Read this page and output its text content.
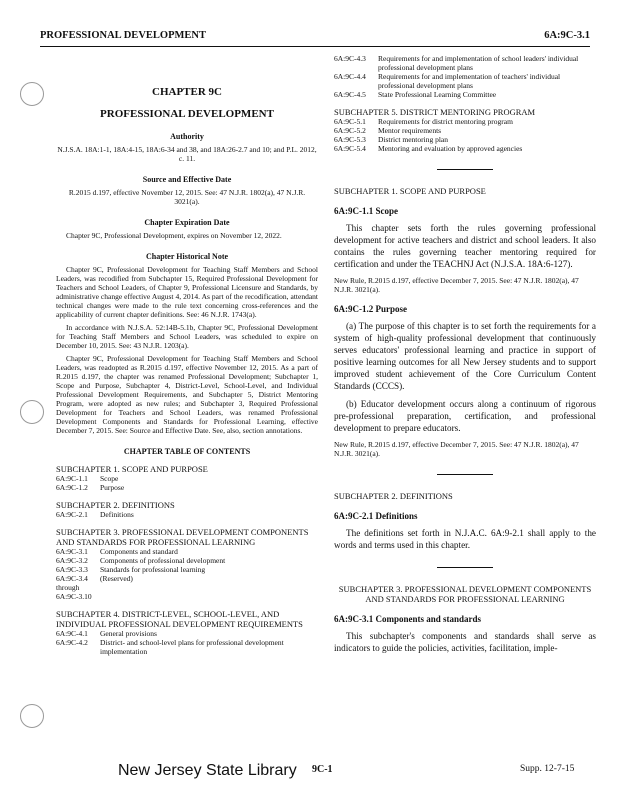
PROFESSIONAL DEVELOPMENT	6A:9C-3.1
CHAPTER 9C
PROFESSIONAL DEVELOPMENT
Authority
N.J.S.A. 18A:1-1, 18A:4-15, 18A:6-34 and 38, and 18A:26-2.7 and 10; and P.L. 2012, c. 11.
Source and Effective Date
R.2015 d.197, effective November 12, 2015. See: 47 N.J.R. 1802(a), 47 N.J.R. 3021(a).
Chapter Expiration Date
Chapter 9C, Professional Development, expires on November 12, 2022.
Chapter Historical Note
Chapter 9C, Professional Development for Teaching Staff Members and School Leaders, was recodified from Subchapter 15, Required Professional Development for Teachers and School Leaders, of Chapter 9, Professional Licensure and Standards, by administrative change effective August 4, 2014. As part of the recodification, attendant technical changes were made to the rule text concerning cross-references and the applicability of current chapter definitions. See: 46 N.J.R. 1743(a).
In accordance with N.J.S.A. 52:14B-5.1b, Chapter 9C, Professional Development for Teaching Staff Members and School Leaders, was scheduled to expire on December 10, 2015. See: 43 N.J.R. 1203(a).
Chapter 9C, Professional Development for Teaching Staff Members and School Leaders, was readopted as R.2015 d.197, effective November 12, 2015. As a part of R.2015 d.197, the chapter was renamed Professional Development; Subchapter 1, Scope and Purpose, Subchapter 4, District-Level, School-Level, and Individual Professional Development Requirements, and Subchapter 5, District Mentoring Program, were adopted as new rules; and Subchapter 3, Required Professional Development for Teachers and School Leaders, was renamed Professional Development Components and Standards for Professional Learning, effective December 7, 2015. See: Source and Effective Date. See, also, section annotations.
CHAPTER TABLE OF CONTENTS
SUBCHAPTER 1. SCOPE AND PURPOSE
6A:9C-1.1	Scope
6A:9C-1.2	Purpose
SUBCHAPTER 2. DEFINITIONS
6A:9C-2.1	Definitions
SUBCHAPTER 3. PROFESSIONAL DEVELOPMENT COMPONENTS AND STANDARDS FOR PROFESSIONAL LEARNING
6A:9C-3.1	Components and standard
6A:9C-3.2	Components of professional development
6A:9C-3.3	Standards for professional learning
6A:9C-3.4 through 6A:9C-3.10
(Reserved)
SUBCHAPTER 4. DISTRICT-LEVEL, SCHOOL-LEVEL, AND INDIVIDUAL PROFESSIONAL DEVELOPMENT REQUIREMENTS
6A:9C-4.1	General provisions
6A:9C-4.2	District- and school-level plans for professional development implementation
6A:9C-4.3	Requirements for and implementation of school leaders' individual professional development plans
6A:9C-4.4	Requirements for and implementation of teachers' individual professional development plans
6A:9C-4.5	State Professional Learning Committee
SUBCHAPTER 5. DISTRICT MENTORING PROGRAM
6A:9C-5.1	Requirements for district mentoring program
6A:9C-5.2	Mentor requirements
6A:9C-5.3	District mentoring plan
6A:9C-5.4	Mentoring and evaluation by approved agencies
SUBCHAPTER 1. SCOPE AND PURPOSE
6A:9C-1.1 Scope
This chapter sets forth the rules governing professional development for active teachers and district and school leaders. It also contains the rules governing teacher mentoring required for certification and under the TEACHNJ Act (N.J.S.A. 18A:6-127).
New Rule, R.2015 d.197, effective December 7, 2015. See: 47 N.J.R. 1802(a), 47 N.J.R. 3021(a).
6A:9C-1.2 Purpose
(a) The purpose of this chapter is to set forth the requirements for a system of high-quality professional development that continuously serves educators' professional learning and practice in support of positive learning outcomes for all New Jersey students and to support improved student achievement of the Core Curriculum Content Standards (CCCS).
(b) Educator development occurs along a continuum of rigorous pre-professional preparation, certification, and professional development to prepare educators.
New Rule, R.2015 d.197, effective December 7, 2015. See: 47 N.J.R. 1802(a), 47 N.J.R. 3021(a).
SUBCHAPTER 2. DEFINITIONS
6A:9C-2.1 Definitions
The definitions set forth in N.J.A.C. 6A:9-2.1 shall apply to the words and terms used in this chapter.
SUBCHAPTER 3. PROFESSIONAL DEVELOPMENT COMPONENTS AND STANDARDS FOR PROFESSIONAL LEARNING
6A:9C-3.1 Components and standards
This subchapter's components and standards shall serve as indicators to guide the policies, activities, facilitation, imple-
New Jersey State Library 9C-1	Supp. 12-7-15
